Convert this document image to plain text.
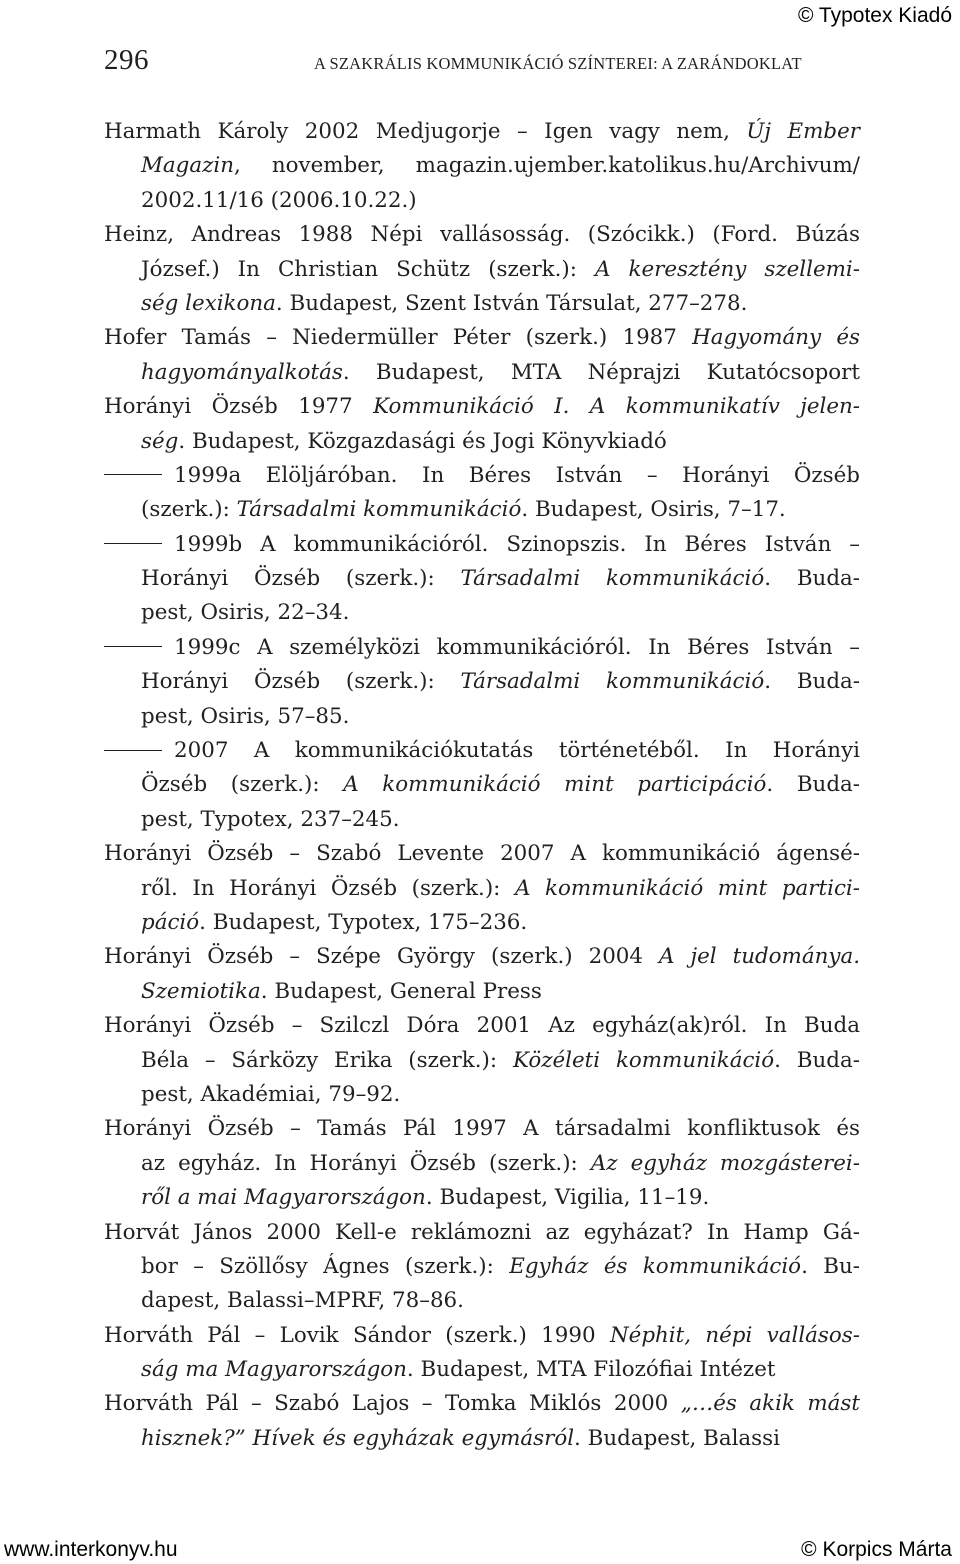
© Typotex Kiadó
296	A SZAKRÁLIS KOMMUNIKÁCIÓ SZÍNTEREI: A ZARÁNDOKLAT
Harmath Károly 2002 Medjugorje – Igen vagy nem, Új Ember
Magazin, november, magazin.ujember.katolikus.hu/Archivum/
2002.11/16 (2006.10.22.)
Heinz, Andreas 1988 Népi vallásosság. (Szócikk.) (Ford. Búzás
József.) In Christian Schütz (szerk.): A keresztény szellemi-
ség lexikona. Budapest, Szent István Társulat, 277–278.
Hofer Tamás – Niedermüller Péter (szerk.) 1987 Hagyomány és
hagyományalkotás. Budapest, MTA Néprajzi Kutatócsoport
Horányi Özséb 1977 Kommunikáció I. A kommunikatív jelen-
ség. Budapest, Közgazdasági és Jogi Könyvkiadó
1999a Elöljáróban. In Béres István – Horányi Özséb
(szerk.): Társadalmi kommunikáció. Budapest, Osiris, 7–17.
1999b A kommunikációról. Szinopszis. In Béres István –
Horányi Özséb (szerk.): Társadalmi kommunikáció. Buda-
pest, Osiris, 22–34.
1999c A személyközi kommunikációról. In Béres István –
Horányi Özséb (szerk.): Társadalmi kommunikáció. Buda-
pest, Osiris, 57–85.
2007 A kommunikációkutatás történetéből. In Horányi
Özséb (szerk.): A kommunikáció mint participáció. Buda-
pest, Typotex, 237–245.
Horányi Özséb – Szabó Levente 2007 A kommunikáció ágensé-
ről. In Horányi Özséb (szerk.): A kommunikáció mint partici-
páció. Budapest, Typotex, 175–236.
Horányi Özséb – Szépe György (szerk.) 2004 A jel tudománya.
Szemiotika. Budapest, General Press
Horányi Özséb – Szilczl Dóra 2001 Az egyház(ak)ról. In Buda
Béla – Sárközy Erika (szerk.): Közéleti kommunikáció. Buda-
pest, Akadémiai, 79–92.
Horányi Özséb – Tamás Pál 1997 A társadalmi konfliktusok és
az egyház. In Horányi Özséb (szerk.): Az egyház mozgásterei-
ről a mai Magyarországon. Budapest, Vigilia, 11–19.
Horvát János 2000 Kell-e reklámozni az egyházat? In Hamp Gá-
bor – Szöllősy Ágnes (szerk.): Egyház és kommunikáció. Bu-
dapest, Balassi–MPRF, 78–86.
Horváth Pál – Lovik Sándor (szerk.) 1990 Néphit, népi vallásos-
ság ma Magyarországon. Budapest, MTA Filozófiai Intézet
Horváth Pál – Szabó Lajos – Tomka Miklós 2000 „…és akik mást
hisznek?” Hívek és egyházak egymásról. Budapest, Balassi
www.interkonyv.hu	© Korpics Márta
